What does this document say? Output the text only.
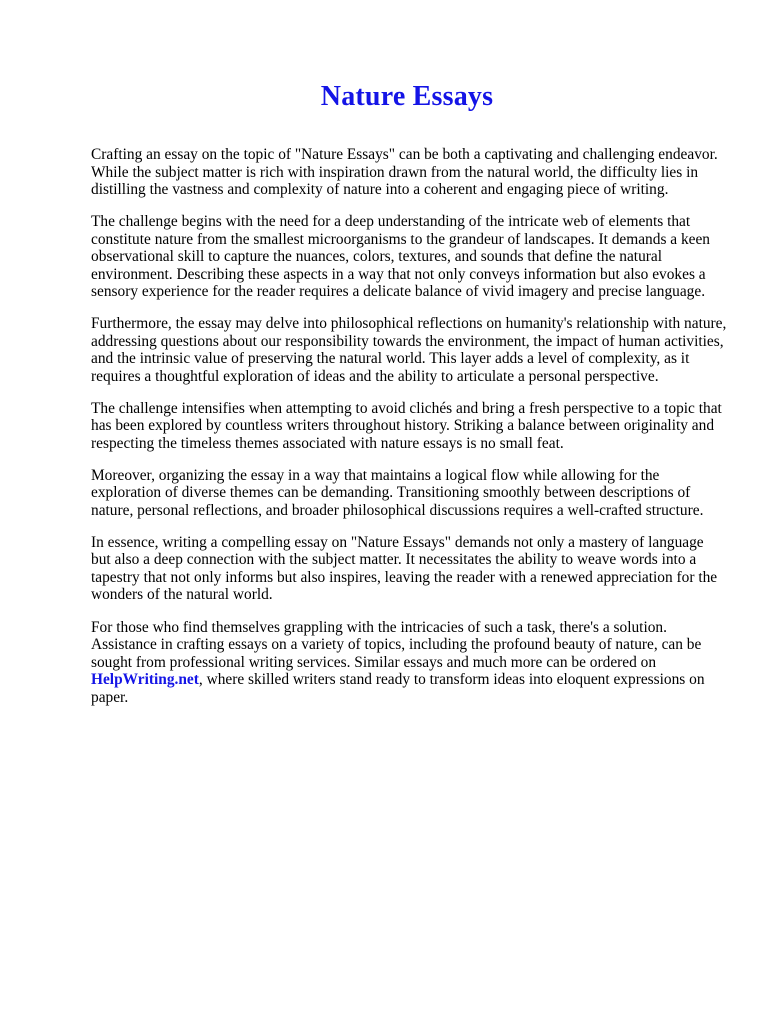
Nature Essays

Crafting an essay on the topic of "Nature Essays" can be both a captivating and challenging endeavor. While the subject matter is rich with inspiration drawn from the natural world, the difficulty lies in distilling the vastness and complexity of nature into a coherent and engaging piece of writing.

The challenge begins with the need for a deep understanding of the intricate web of elements that constitute nature from the smallest microorganisms to the grandeur of landscapes. It demands a keen observational skill to capture the nuances, colors, textures, and sounds that define the natural environment. Describing these aspects in a way that not only conveys information but also evokes a sensory experience for the reader requires a delicate balance of vivid imagery and precise language.

Furthermore, the essay may delve into philosophical reflections on humanity's relationship with nature, addressing questions about our responsibility towards the environment, the impact of human activities, and the intrinsic value of preserving the natural world. This layer adds a level of complexity, as it requires a thoughtful exploration of ideas and the ability to articulate a personal perspective.

The challenge intensifies when attempting to avoid clichés and bring a fresh perspective to a topic that has been explored by countless writers throughout history. Striking a balance between originality and respecting the timeless themes associated with nature essays is no small feat.

Moreover, organizing the essay in a way that maintains a logical flow while allowing for the exploration of diverse themes can be demanding. Transitioning smoothly between descriptions of nature, personal reflections, and broader philosophical discussions requires a well-crafted structure.

In essence, writing a compelling essay on "Nature Essays" demands not only a mastery of language but also a deep connection with the subject matter. It necessitates the ability to weave words into a tapestry that not only informs but also inspires, leaving the reader with a renewed appreciation for the wonders of the natural world.

For those who find themselves grappling with the intricacies of such a task, there's a solution. Assistance in crafting essays on a variety of topics, including the profound beauty of nature, can be sought from professional writing services. Similar essays and much more can be ordered on HelpWriting.net, where skilled writers stand ready to transform ideas into eloquent expressions on paper.
